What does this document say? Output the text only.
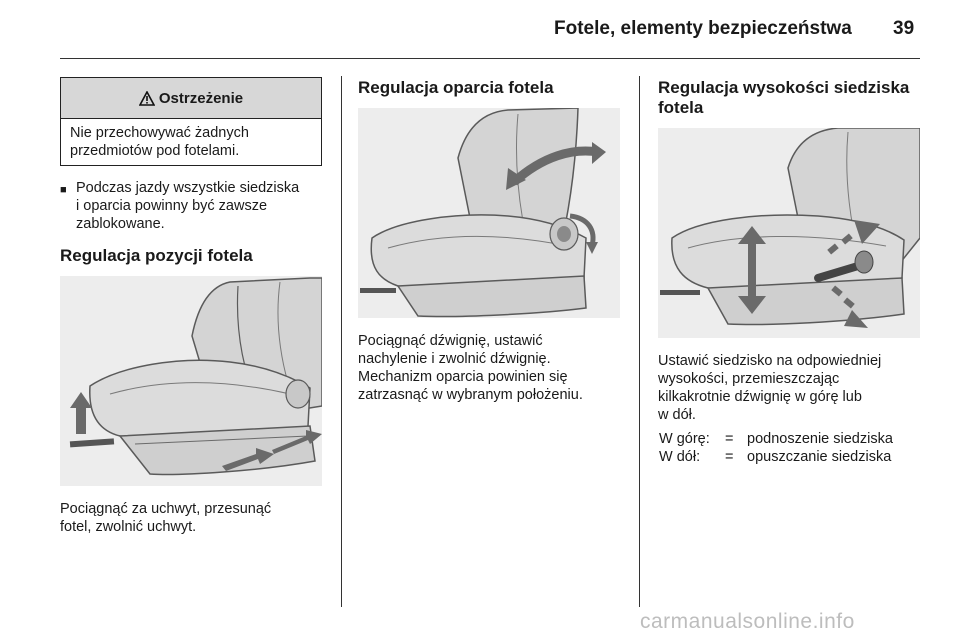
Fotele, elementy bezpieczeństwa 39
Ostrzeżenie
Nie przechowywać żadnych
przedmiotów pod fotelami.
■ Podczas jazdy wszystkie siedziska
i oparcia powinny być zawsze
zablokowane.
Regulacja pozycji fotela
Pociągnąć za uchwyt, przesunąć
fotel, zwolnić uchwyt.
Regulacja oparcia fotela
Pociągnąć dźwignię, ustawić
nachylenie i zwolnić dźwignię.
Mechanizm oparcia powinien się
zatrzasnąć w wybranym położeniu.
Regulacja wysokości siedziska
fotela
Ustawić siedzisko na odpowiedniej
wysokości, przemieszczając
kilkakrotnie dźwignię w górę lub
w dół.
W górę:	=	podnoszenie siedziska
W dół:	=	opuszczanie siedziska
carmanualsonline.info
